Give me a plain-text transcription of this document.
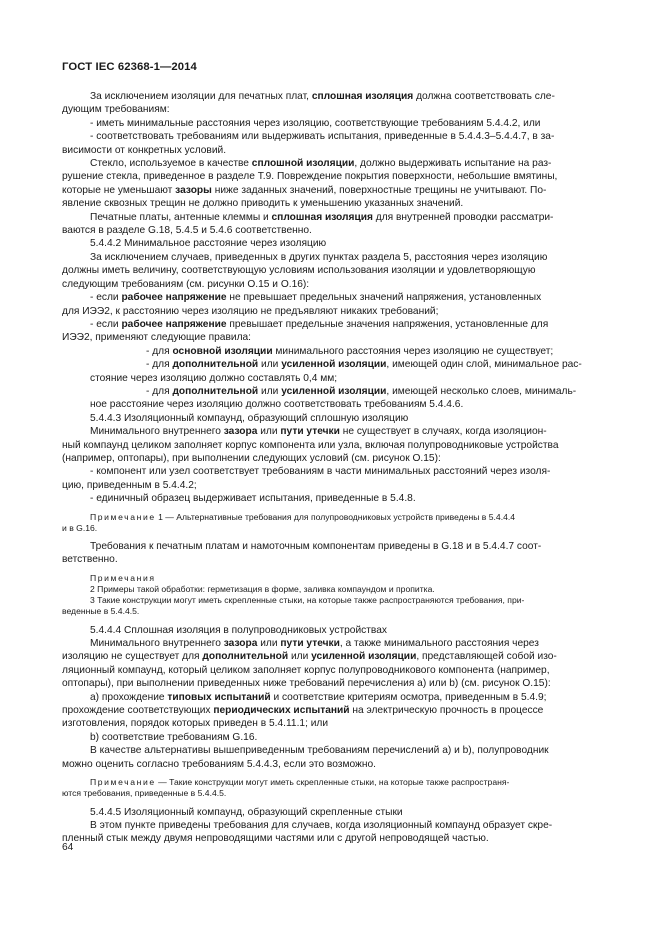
ГОСТ IEC 62368-1—2014

За исключением изоляции для печатных плат, сплошная изоляция должна соответствовать сле-

дующим требованиям:

- иметь минимальные расстояния через изоляцию, соответствующие требованиям 5.4.4.2, или

- соответствовать требованиям или выдерживать испытания, приведенные в 5.4.4.3–5.4.4.7, в за-

висимости от конкретных условий.

Стекло, используемое в качестве сплошной изоляции, должно выдерживать испытание на раз-

рушение стекла, приведенное в разделе Т.9. Повреждение покрытия поверхности, небольшие вмятины,

которые не уменьшают зазоры ниже заданных значений, поверхностные трещины не учитывают. По-

явление сквозных трещин не должно приводить к уменьшению указанных значений.

Печатные платы, антенные клеммы и сплошная изоляция для внутренней проводки рассматри-

ваются в разделе G.18, 5.4.5 и 5.4.6 соответственно.

5.4.4.2 Минимальное расстояние через изоляцию

За исключением случаев, приведенных в других пунктах раздела 5, расстояния через изоляцию

должны иметь величину, соответствующую условиям использования изоляции и удовлетворяющую

следующим требованиям (см. рисунки О.15 и О.16):

- если рабочее напряжение не превышает предельных значений напряжения, установленных

для ИЭЭ2, к расстоянию через изоляцию не предъявляют никаких требований;

- если рабочее напряжение превышает предельные значения напряжения, установленные для

ИЭЭ2, применяют следующие правила:

- для основной изоляции минимального расстояния через изоляцию не существует;

- для дополнительной или усиленной изоляции, имеющей один слой, минимальное рас-

стояние через изоляцию должно составлять 0,4 мм;

- для дополнительной или усиленной изоляции, имеющей несколько слоев, минималь-

ное расстояние через изоляцию должно соответствовать требованиям 5.4.4.6.

5.4.4.3 Изоляционный компаунд, образующий сплошную изоляцию

Минимального внутреннего зазора или пути утечки не существует в случаях, когда изоляцион-

ный компаунд целиком заполняет корпус компонента или узла, включая полупроводниковые устройства

(например, оптопары), при выполнении следующих условий (см. рисунок О.15):

- компонент или узел соответствует требованиям в части минимальных расстояний через изоля-

цию, приведенным в 5.4.4.2;

- единичный образец выдерживает испытания, приведенные в 5.4.8.

Примечание 1 — Альтернативные требования для полупроводниковых устройств приведены в 5.4.4.4

и в G.16.

Требования к печатным платам и намоточным компонентам приведены в G.18 и в 5.4.4.7 соот-

ветственно.

Примечания

2 Примеры такой обработки: герметизация в форме, заливка компаундом и пропитка.

3 Такие конструкции могут иметь скрепленные стыки, на которые также распространяются требования, при-

веденные в 5.4.4.5.

5.4.4.4 Сплошная изоляция в полупроводниковых устройствах

Минимального внутреннего зазора или пути утечки, а также минимального расстояния через

изоляцию не существует для дополнительной или усиленной изоляции, представляющей собой изо-

ляционный компаунд, который целиком заполняет корпус полупроводникового компонента (например,

оптопары), при выполнении приведенных ниже требований перечисления a) или b) (см. рисунок О.15):

a) прохождение типовых испытаний и соответствие критериям осмотра, приведенным в 5.4.9;

прохождение соответствующих периодических испытаний на электрическую прочность в процессе

изготовления, порядок которых приведен в 5.4.11.1; или

b) соответствие требованиям G.16.

В качестве альтернативы вышеприведенным требованиям перечислений a) и b), полупроводник

можно оценить согласно требованиям 5.4.4.3, если это возможно.

Примечание — Такие конструкции могут иметь скрепленные стыки, на которые также распространя-

ются требования, приведенные в 5.4.4.5.

5.4.4.5 Изоляционный компаунд, образующий скрепленные стыки

В этом пункте приведены требования для случаев, когда изоляционный компаунд образует скре-

пленный стык между двумя непроводящими частями или с другой непроводящей частью.

64
